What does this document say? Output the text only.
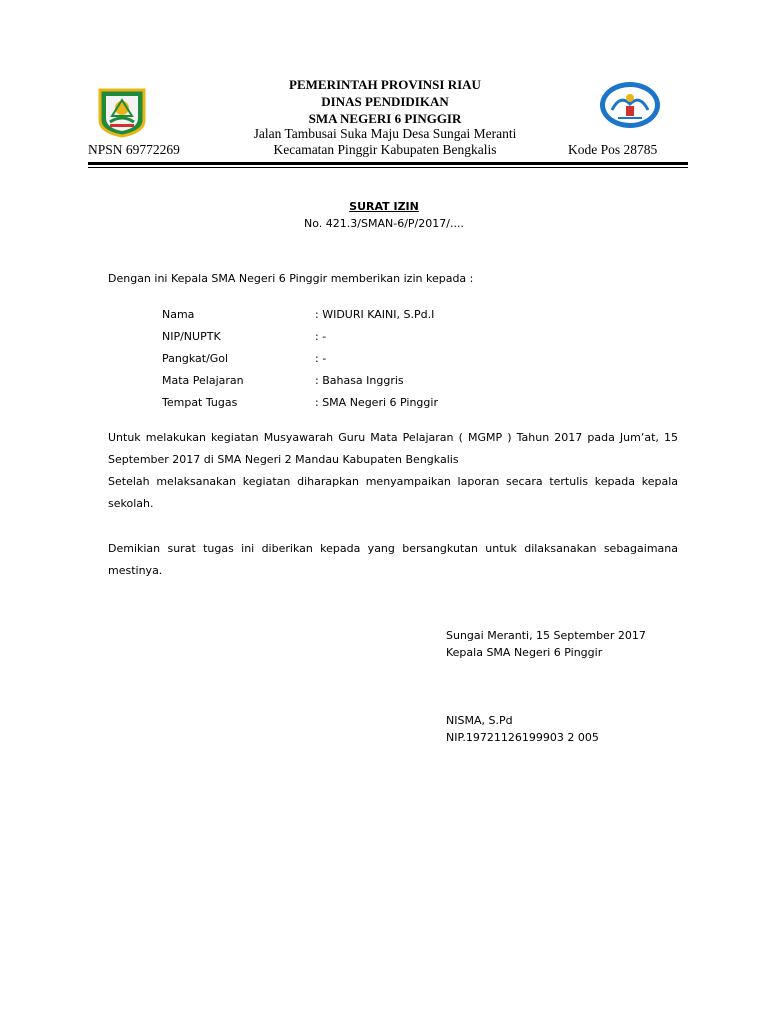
PEMERINTAH PROVINSI RIAU
DINAS PENDIDIKAN
SMA NEGERI 6 PINGGIR
Jalan Tambusai Suka Maju Desa Sungai Meranti
Kecamatan Pinggir Kabupaten Bengkalis
NPSN 69772269	Kode Pos 28785
SURAT IZIN
No. 421.3/SMAN-6/P/2017/....
Dengan ini Kepala SMA Negeri 6 Pinggir memberikan izin kepada :
Nama	: WIDURI KAINI, S.Pd.I
NIP/NUPTK	: -
Pangkat/Gol	: -
Mata Pelajaran	: Bahasa Inggris
Tempat Tugas	: SMA Negeri 6 Pinggir
Untuk melakukan kegiatan Musyawarah Guru Mata Pelajaran ( MGMP ) Tahun 2017 pada Jum’at, 15 September 2017 di SMA Negeri 2 Mandau Kabupaten Bengkalis
Setelah melaksanakan kegiatan diharapkan menyampaikan laporan secara tertulis kepada kepala sekolah.
Demikian surat tugas ini diberikan kepada yang bersangkutan untuk dilaksanakan sebagaimana mestinya.
Sungai Meranti, 15 September 2017
Kepala SMA Negeri 6 Pinggir
NISMA, S.Pd
NIP.19721126199903 2 005
